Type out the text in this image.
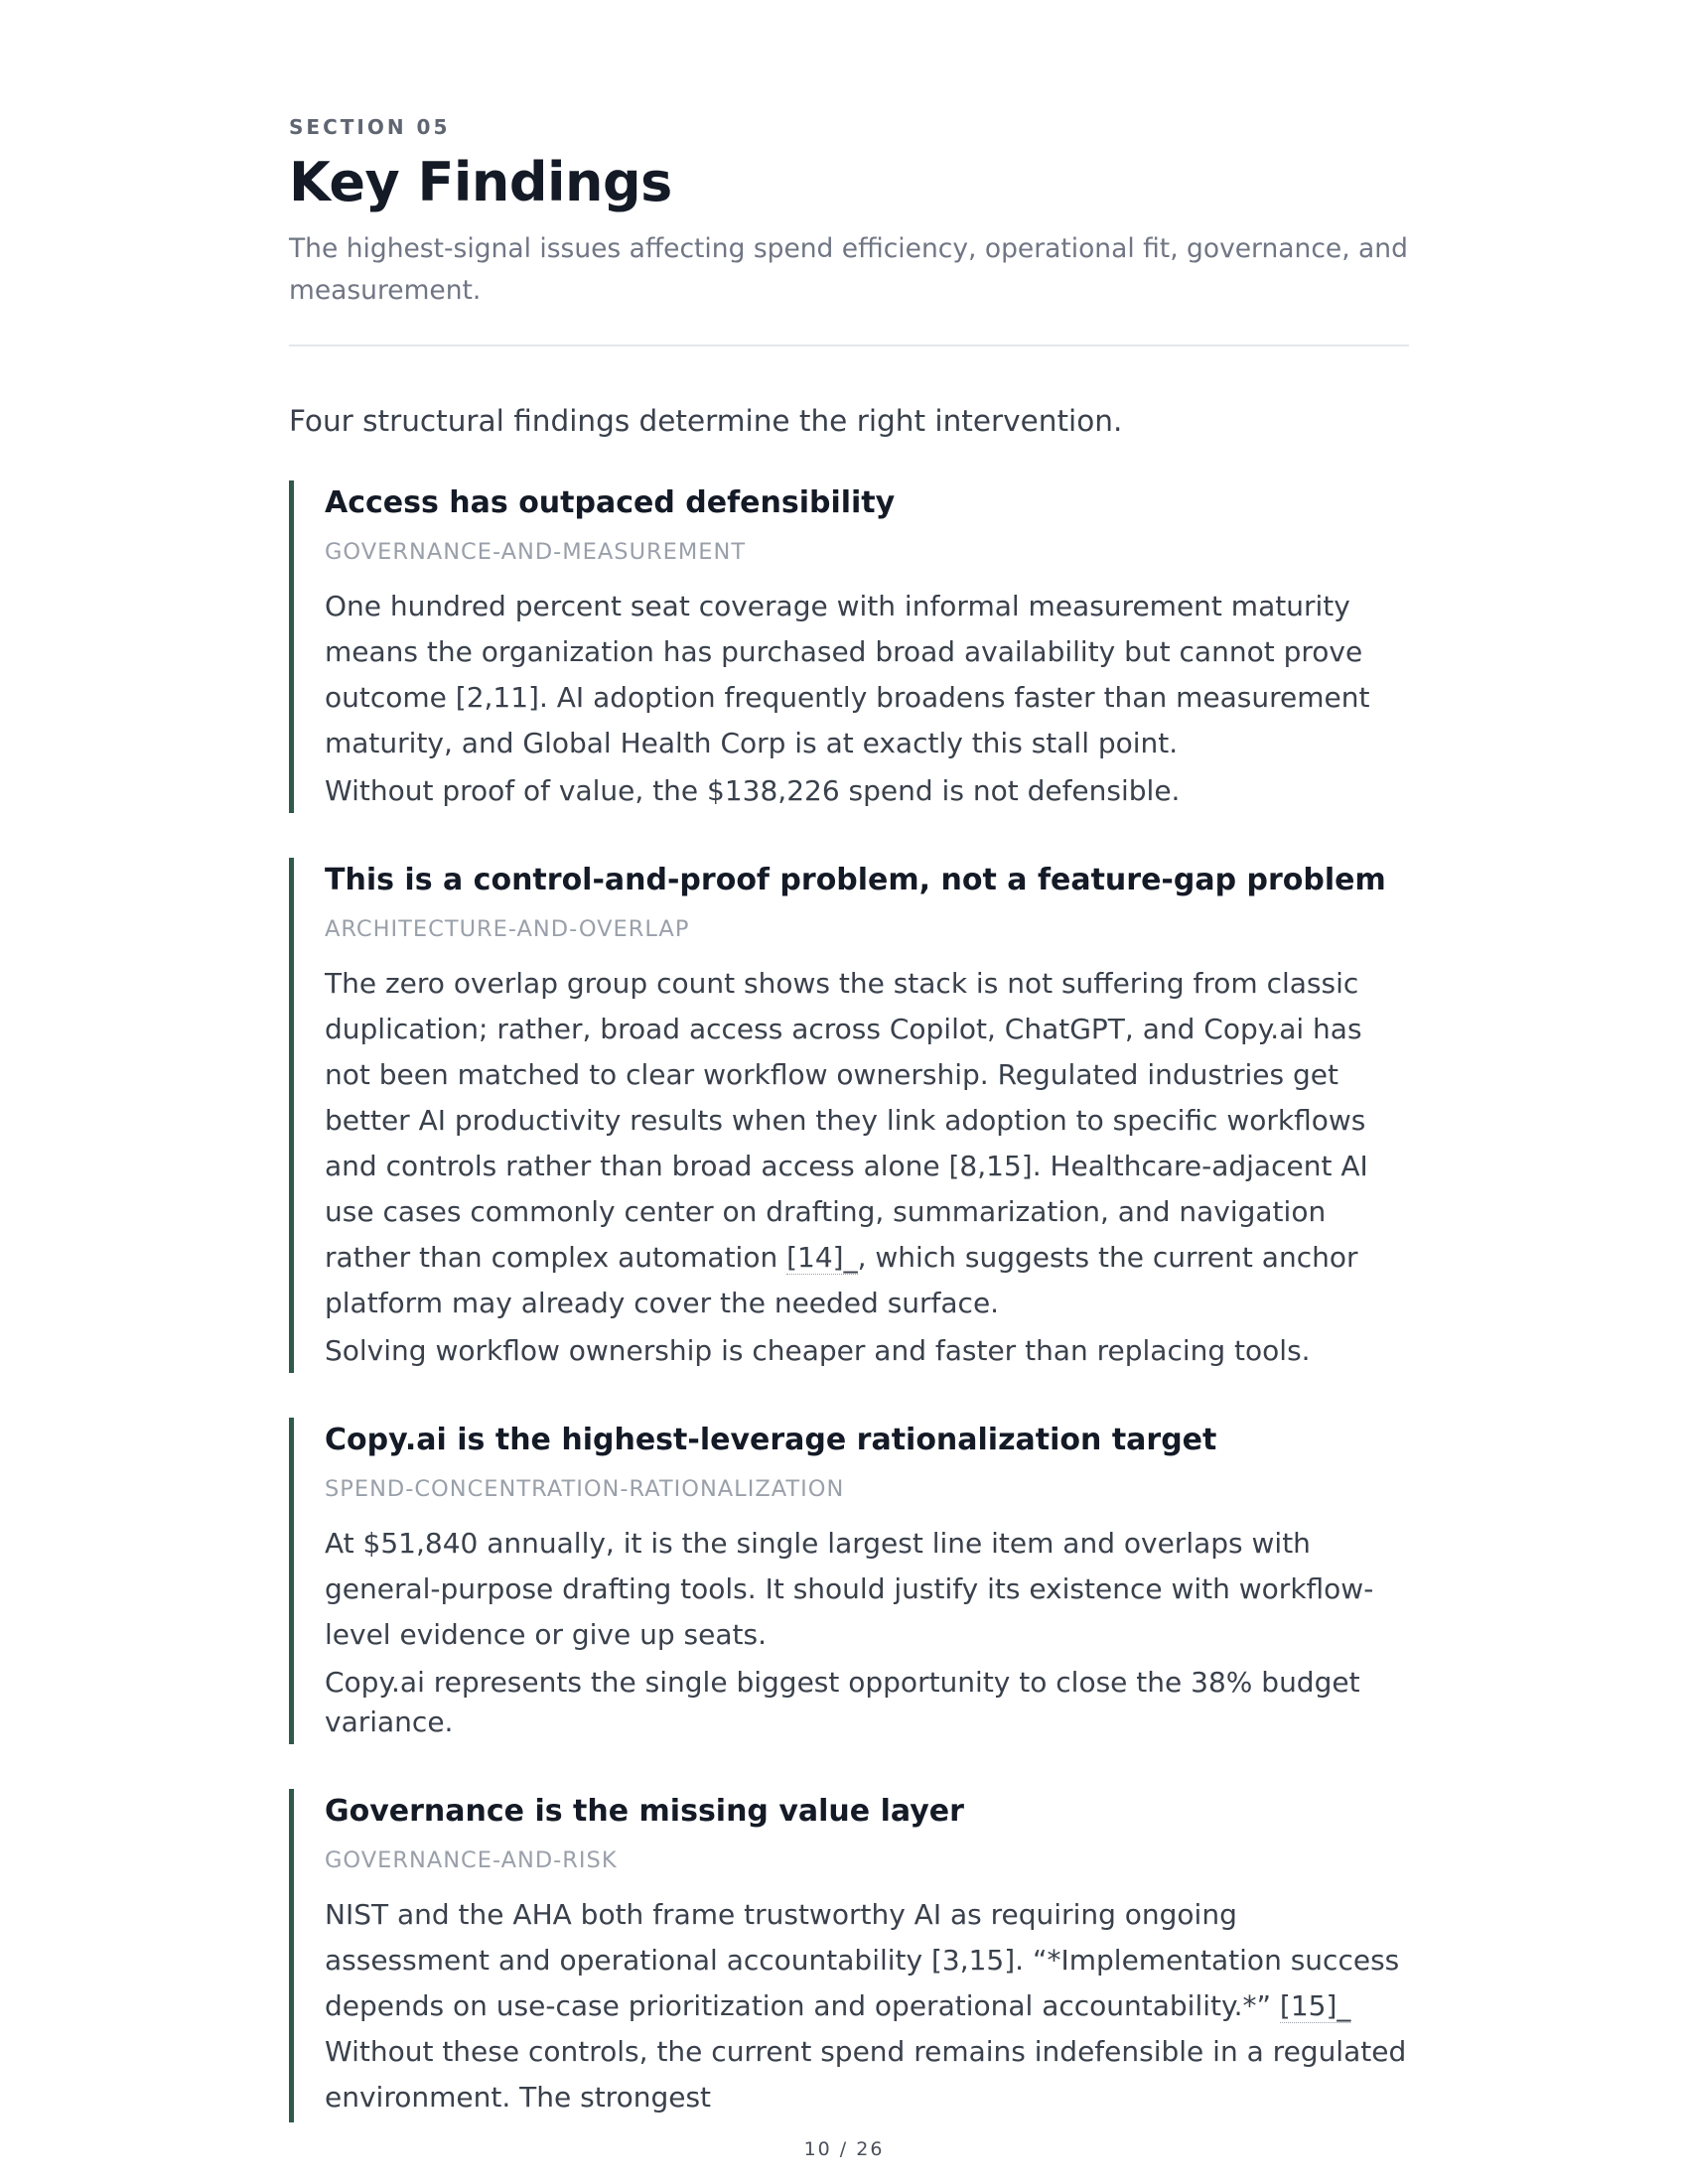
SECTION 05

Key Findings

The highest-signal issues affecting spend efficiency, operational fit, governance, and measurement.

Four structural findings determine the right intervention.

Access has outpaced defensibility

GOVERNANCE-AND-MEASUREMENT

One hundred percent seat coverage with informal measurement maturity means the organization has purchased broad availability but cannot prove outcome [2,11]. AI adoption frequently broadens faster than measurement maturity, and Global Health Corp is at exactly this stall point.

Without proof of value, the $138,226 spend is not defensible.

This is a control-and-proof problem, not a feature-gap problem

ARCHITECTURE-AND-OVERLAP

The zero overlap group count shows the stack is not suffering from classic duplication; rather, broad access across Copilot, ChatGPT, and Copy.ai has not been matched to clear workflow ownership. Regulated industries get better AI productivity results when they link adoption to specific workflows and controls rather than broad access alone [8,15]. Healthcare-adjacent AI use cases commonly center on drafting, summarization, and navigation rather than complex automation [14]_, which suggests the current anchor platform may already cover the needed surface.

Solving workflow ownership is cheaper and faster than replacing tools.

Copy.ai is the highest-leverage rationalization target

SPEND-CONCENTRATION-RATIONALIZATION

At $51,840 annually, it is the single largest line item and overlaps with general-purpose drafting tools. It should justify its existence with workflow-level evidence or give up seats.

Copy.ai represents the single biggest opportunity to close the 38% budget variance.

Governance is the missing value layer

GOVERNANCE-AND-RISK

NIST and the AHA both frame trustworthy AI as requiring ongoing assessment and operational accountability [3,15]. “*Implementation success depends on use-case prioritization and operational accountability.*” [15]_ Without these controls, the current spend remains indefensible in a regulated environment. The strongest

10 / 26
